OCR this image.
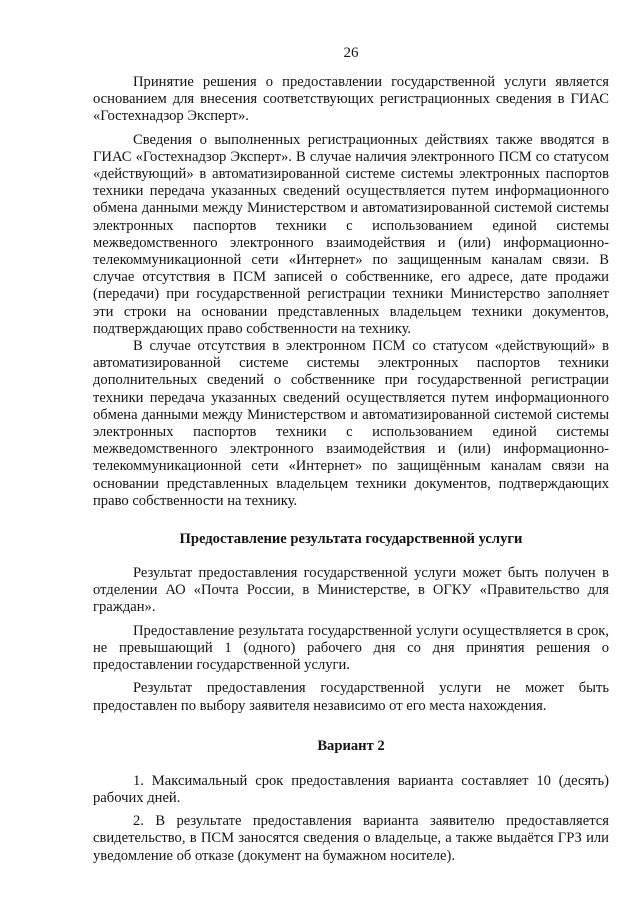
26

Принятие решения о предоставлении государственной услуги является основанием для внесения соответствующих регистрационных сведения в ГИАС «Гостехнадзор Эксперт».

Сведения о выполненных регистрационных действиях также вводятся в ГИАС «Гостехнадзор Эксперт». В случае наличия электронного ПСМ со статусом «действующий» в автоматизированной системе системы электронных паспортов техники передача указанных сведений осуществляется путем информационного обмена данными между Министерством и автоматизированной системой системы электронных паспортов техники с использованием единой системы межведомственного электронного взаимодействия и (или) информационно-телекоммуникационной сети «Интернет» по защищенным каналам связи. В случае отсутствия в ПСМ записей о собственнике, его адресе, дате продажи (передачи) при государственной регистрации техники Министерство заполняет эти строки на основании представленных владельцем техники документов, подтверждающих право собственности на технику.

В случае отсутствия в электронном ПСМ со статусом «действующий» в автоматизированной системе системы электронных паспортов техники дополнительных сведений о собственнике при государственной регистрации техники передача указанных сведений осуществляется путем информационного обмена данными между Министерством и автоматизированной системой системы электронных паспортов техники с использованием единой системы межведомственного электронного взаимодействия и (или) информационно-телекоммуникационной сети «Интернет» по защищённым каналам связи на основании представленных владельцем техники документов, подтверждающих право собственности на технику.

Предоставление результата государственной услуги

Результат предоставления государственной услуги может быть получен в отделении АО «Почта России, в Министерстве, в ОГКУ «Правительство для граждан».

Предоставление результата государственной услуги осуществляется в срок, не превышающий 1 (одного) рабочего дня со дня принятия решения о предоставлении государственной услуги.

Результат предоставления государственной услуги не может быть предоставлен по выбору заявителя независимо от его места нахождения.

Вариант 2

1. Максимальный срок предоставления варианта составляет 10 (десять) рабочих дней.

2. В результате предоставления варианта заявителю предоставляется свидетельство, в ПСМ заносятся сведения о владельце, а также выдаётся ГРЗ или уведомление об отказе (документ на бумажном носителе).
